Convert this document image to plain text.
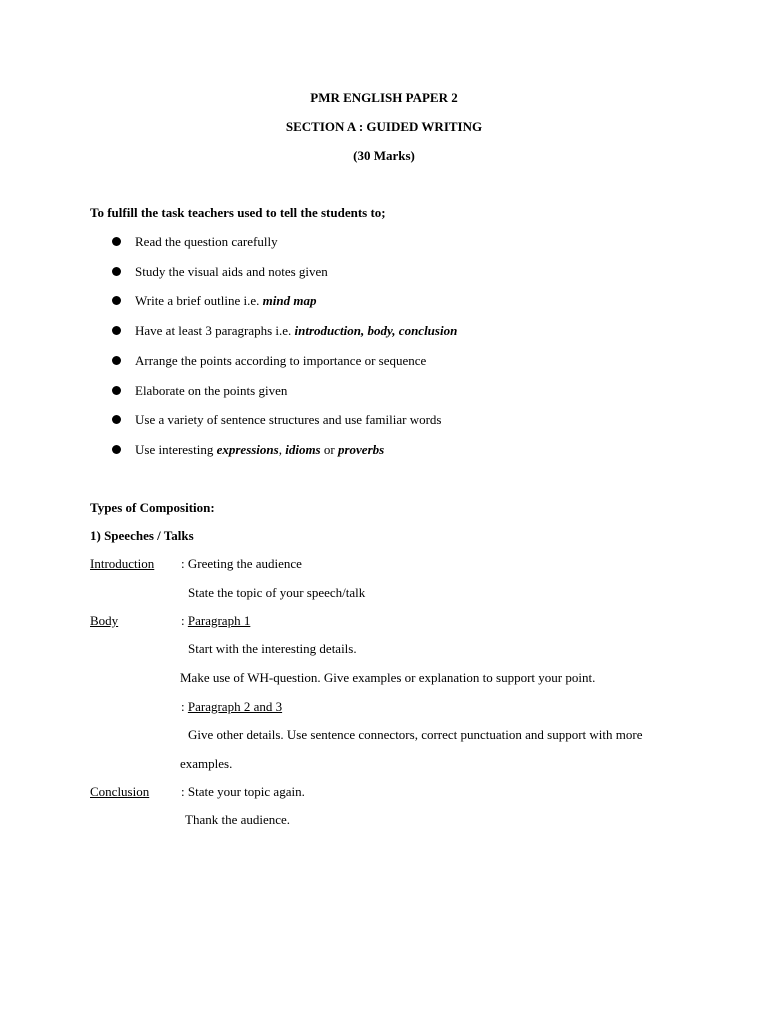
PMR ENGLISH PAPER 2
SECTION A : GUIDED WRITING
(30 Marks)
To fulfill the task teachers used to tell the students to;
Read the question carefully
Study the visual aids and notes given
Write a brief outline i.e. mind map
Have at least 3 paragraphs i.e. introduction, body, conclusion
Arrange the points according to importance or sequence
Elaborate on the points given
Use a variety of sentence structures and use familiar words
Use interesting expressions, idioms or proverbs
Types of Composition:
1) Speeches / Talks
Introduction : Greeting the audience
State the topic of your speech/talk
Body	: Paragraph 1
Start with the interesting details.
Make use of WH-question. Give examples or explanation to support your point.
: Paragraph 2 and 3
Give other details. Use sentence connectors, correct punctuation and support with more
examples.
Conclusion : State your topic again.
Thank the audience.
